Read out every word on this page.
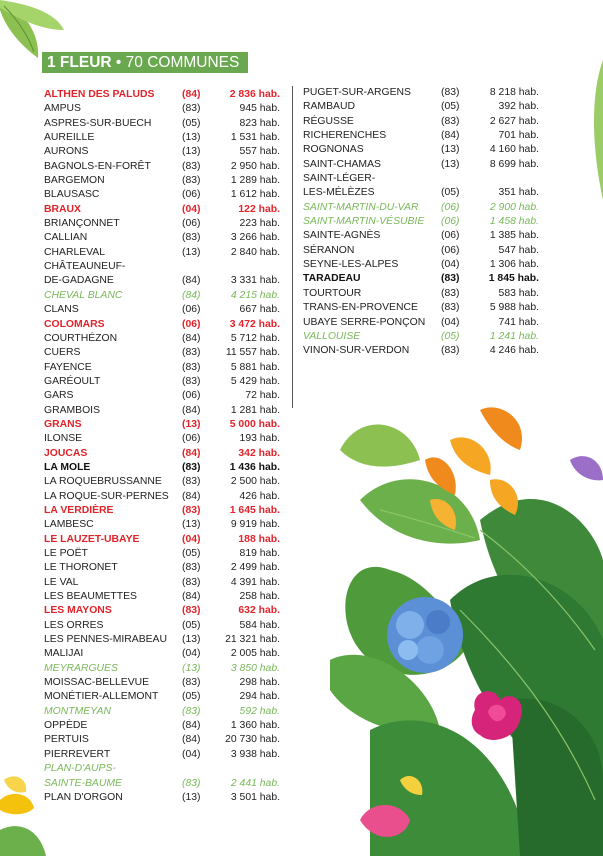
1 FLEUR • 70 COMMUNES
ALTHEN DES PALUDS	(84)	2 836 hab.
AMPUS	(83)	945 hab.
ASPRES-SUR-BUECH	(05)	823 hab.
AUREILLE	(13)	1 531 hab.
AURONS	(13)	557 hab.
BAGNOLS-EN-FORÊT	(83)	2 950 hab.
BARGEMON	(83)	1 289 hab.
BLAUSASC	(06)	1 612 hab.
BRAUX	(04)	122 hab.
BRIANÇONNET	(06)	223 hab.
CALLIAN	(83)	3 266 hab.
CHARLEVAL	(13)	2 840 hab.
CHÂTEAUNEUF-
DE-GADAGNE	(84)	3 331 hab.
CHEVAL BLANC	(84)	4 215 hab.
CLANS	(06)	667 hab.
COLOMARS	(06)	3 472 hab.
COURTHÉZON	(84)	5 712 hab.
CUERS	(83) 11 557 hab.
FAYENCE	(83)	5 881 hab.
GARÉOULT	(83)	5 429 hab.
GARS	(06)	72 hab.
GRAMBOIS	(84)	1 281 hab.
GRANS	(13)	5 000 hab.
ILONSE	(06)	193 hab.
JOUCAS	(84)	342 hab.
LA MOLE	(83)	1 436 hab.
LA ROQUEBRUSSANNE (83)	2 500 hab.
LA ROQUE-SUR-PERNES (84)	426 hab.
LA VERDIÈRE	(83)	1 645 hab.
LAMBESC	(13)	9 919 hab.
LE LAUZET-UBAYE	(04)	188 hab.
LE POËT	(05)	819 hab.
LE THORONET	(83)	2 499 hab.
LE VAL	(83)	4 391 hab.
LES BEAUMETTES	(84)	258 hab.
LES MAYONS	(83)	632 hab.
LES ORRES	(05)	584 hab.
LES PENNES-MIRABEAU (13) 21 321 hab.
MALIJAI	(04)	2 005 hab.
MEYRARGUES	(13)	3 850 hab.
MOISSAC-BELLEVUE	(83)	298 hab.
MONÉTIER-ALLEMONT (05)	294 hab.
MONTMEYAN	(83)	592 hab.
OPPÈDE	(84)	1 360 hab.
PERTUIS	(84) 20 730 hab.
PIERREVERT	(04)	3 938 hab.
PLAN-D'AUPS-
SAINTE-BAUME	(83)	2 441 hab.
PLAN D'ORGON	(13)	3 501 hab.
PUGET-SUR-ARGENS	(83)	8 218 hab.
RAMBAUD	(05)	392 hab.
RÉGUSSE	(83)	2 627 hab.
RICHERENCHES	(84)	701 hab.
ROGNONAS	(13)	4 160 hab.
SAINT-CHAMAS	(13)	8 699 hab.
SAINT-LÉGER-
LES-MÉLÈZES	(05)	351 hab.
SAINT-MARTIN-DU-VAR (06)	2 900 hab.
SAINT-MARTIN-VÉSUBIE (06)	1 458 hab.
SAINTE-AGNÈS	(06)	1 385 hab.
SÉRANON	(06)	547 hab.
SEYNE-LES-ALPES	(04)	1 306 hab.
TARADEAU	(83)	1 845 hab.
TOURTOUR	(83)	583 hab.
TRANS-EN-PROVENCE (83)	5 988 hab.
UBAYE SERRE-PONÇON (04)	741 hab.
VALLOUISE	(05)	1 241 hab.
VINON-SUR-VERDON	(83)	4 246 hab.
